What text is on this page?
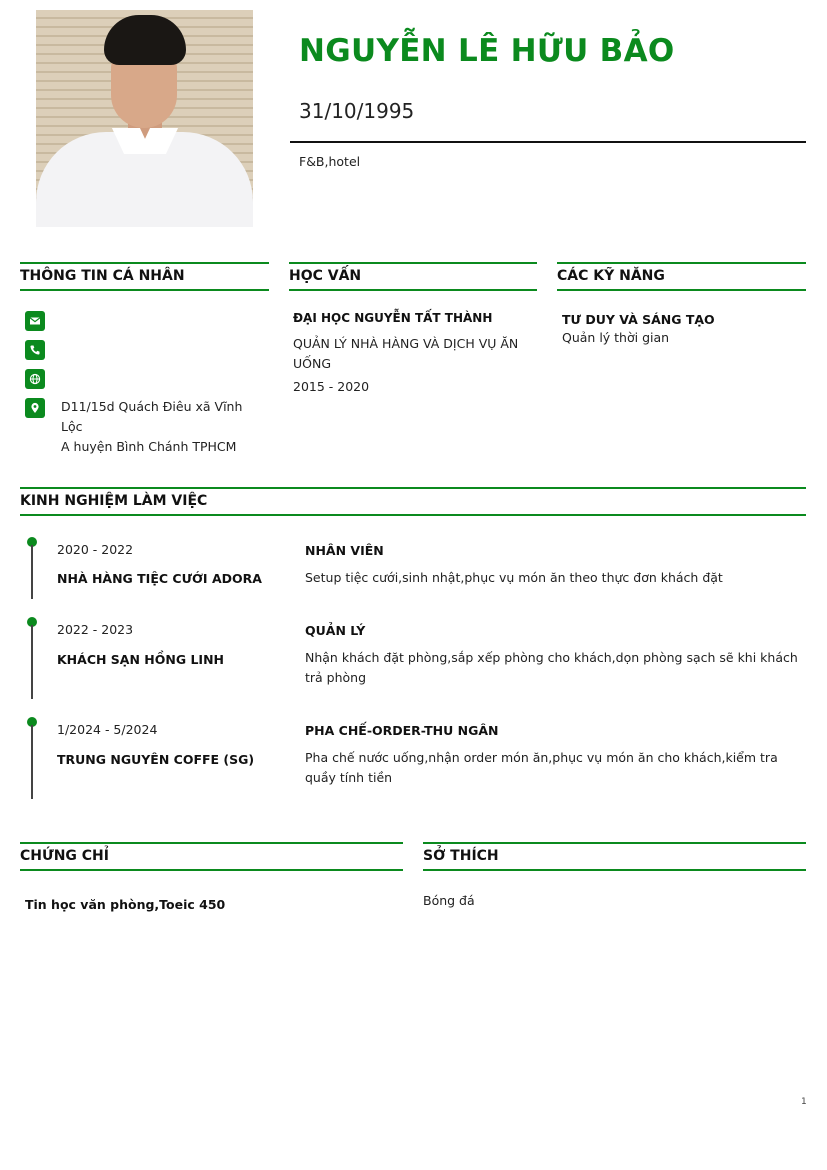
NGUYỄN LÊ HỮU BẢO
31/10/1995
F&B,hotel
THÔNG TIN CÁ NHÂN
D11/15d Quách Điêu xã Vĩnh Lộc
A huyện Bình Chánh TPHCM
HỌC VẤN
ĐẠI HỌC NGUYỄN TẤT THÀNH
QUẢN LÝ NHÀ HÀNG VÀ DỊCH VỤ ĂN
UỐNG
2015 - 2020
CÁC KỸ NĂNG
TƯ DUY VÀ SÁNG TẠO
Quản lý thời gian
KINH NGHIỆM LÀM VIỆC
2020 - 2022
NHÀ HÀNG TIỆC CƯỚI ADORA
NHÂN VIÊN
Setup tiệc cưới,sinh nhật,phục vụ món ăn theo thực đơn khách đặt
2022 - 2023
KHÁCH SẠN HỒNG LINH
QUẢN LÝ
Nhận khách đặt phòng,sắp xếp phòng cho khách,dọn phòng sạch sẽ khi khách
trả phòng
1/2024 - 5/2024
TRUNG NGUYÊN COFFE (SG)
PHA CHẾ-ORDER-THU NGÂN
Pha chế nước uống,nhận order món ăn,phục vụ món ăn cho khách,kiểm tra
quầy tính tiền
CHỨNG CHỈ
Tin học văn phòng,Toeic 450
SỞ THÍCH
Bóng đá
1
